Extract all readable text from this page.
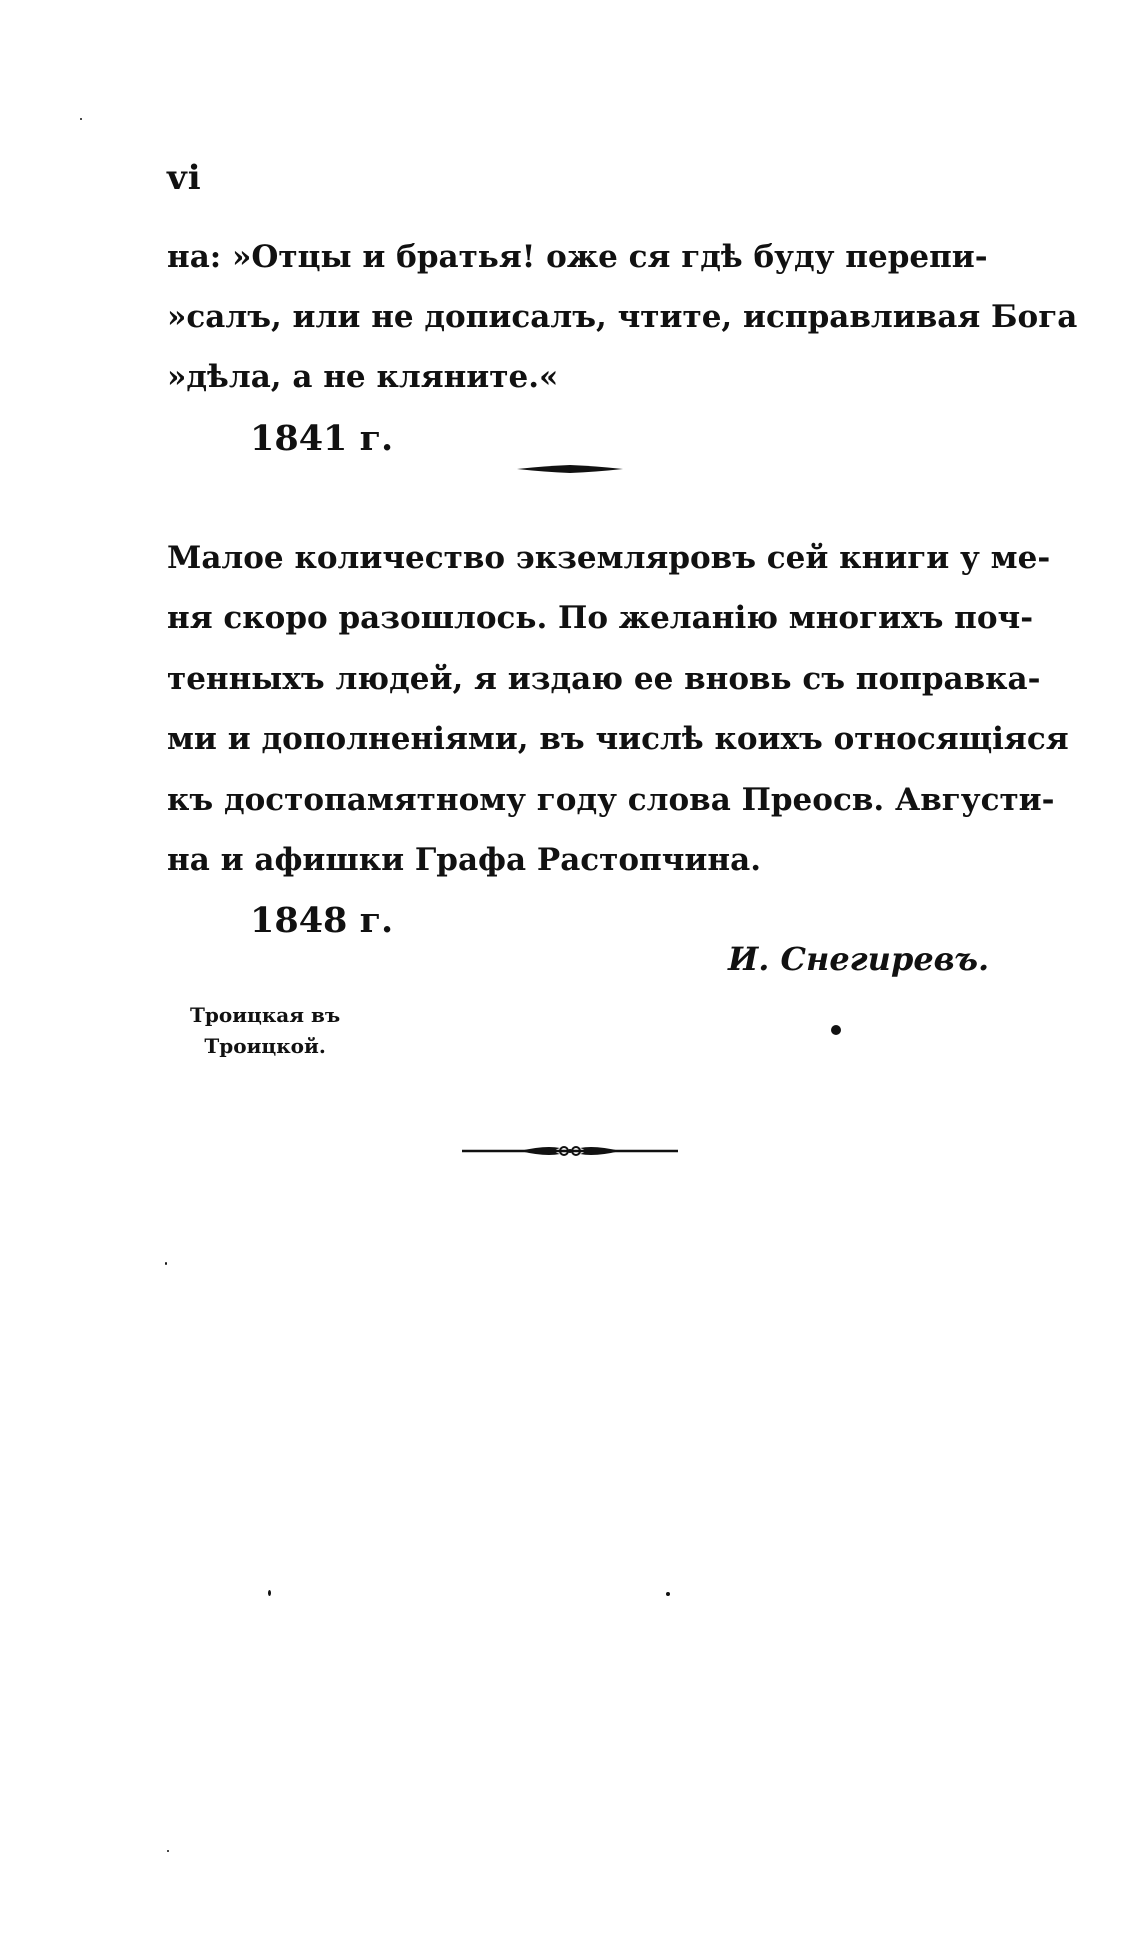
vi
на: »Отцы и братья! оже ся гдѣ буду перепи-
»салъ, или не дописалъ, чтите, исправливая Бога
»дѣла, а не кляните.«
1841 г.
Малое количество экземляровъ сей книги у ме-
ня скоро разошлось. По желанію многихъ поч-
тенныхъ людей, я издаю ее вновь съ поправка-
ми и дополненіями, въ числѣ коихъ относящіяся
къ достопамятному году слова Преосв. Августи-
на и афишки Графа Растопчина.
1848 г.
И. Снегиревъ.
Троицкая въ
Троицкой.
